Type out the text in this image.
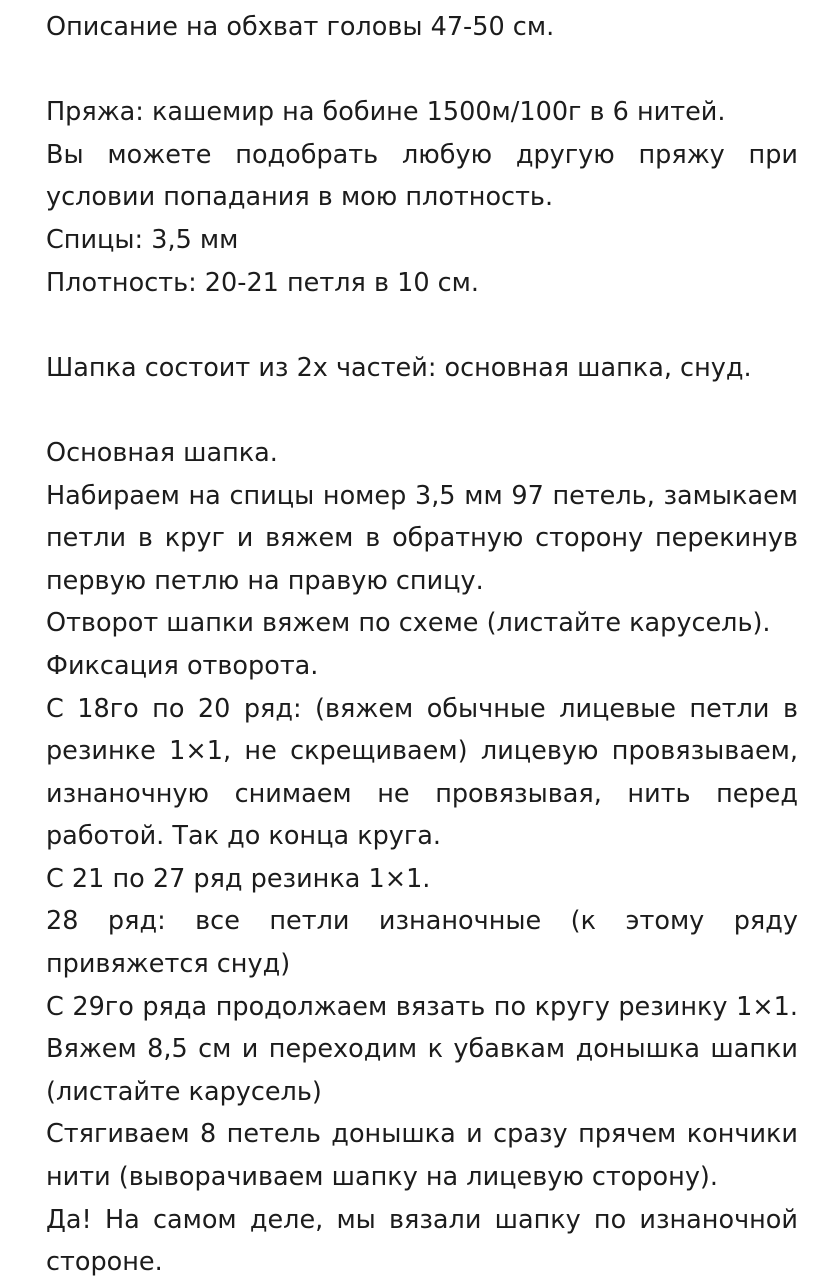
Описание на обхват головы 47-50 см.

Пряжа: кашемир на бобине 1500м/100г в 6 нитей.

Вы можете подобрать любую другую пряжу при условии попадания в мою плотность.

Спицы: 3,5 мм

Плотность: 20-21 петля в 10 см.

Шапка состоит из 2х частей: основная шапка, снуд.

Основная шапка.

Набираем на спицы номер 3,5 мм 97 петель, замыкаем петли в круг и вяжем в обратную сторону перекинув первую петлю на правую спицу.

Отворот шапки вяжем по схеме (листайте карусель).

Фиксация отворота.

С 18го по 20 ряд: (вяжем обычные лицевые петли в резинке 1×1, не скрещиваем) лицевую провязываем, изнаночную снимаем не провязывая, нить перед работой. Так до конца круга.

С 21 по 27 ряд резинка 1×1.

28 ряд: все петли изнаночные (к этому ряду привяжется снуд)

С 29го ряда продолжаем вязать по кругу резинку 1×1. Вяжем 8,5 см и переходим к убавкам донышка шапки (листайте карусель)

Стягиваем 8 петель донышка и сразу прячем кончики нити (выворачиваем шапку на лицевую сторону).

Да! На самом деле, мы вязали шапку по изнаночной стороне.
